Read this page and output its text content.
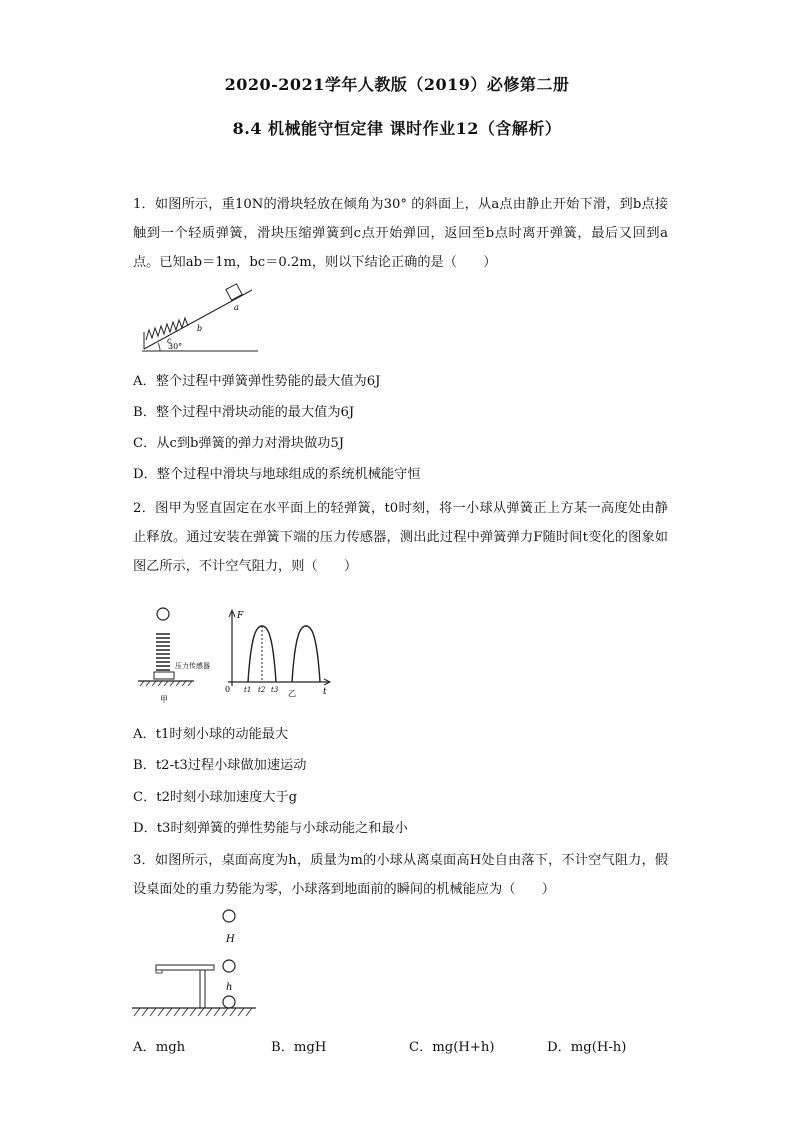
2020-2021学年人教版（2019）必修第二册
8.4 机械能守恒定律 课时作业12（含解析）
1．如图所示，重10N的滑块轻放在倾角为30° 的斜面上，从a点由静止开始下滑，到b点接触到一个轻质弹簧，滑块压缩弹簧到c点开始弹回，返回至b点时离开弹簧，最后又回到a点。已知ab＝1m，bc＝0.2m，则以下结论正确的是（　　）
c
b
a
30°
A．整个过程中弹簧弹性势能的最大值为6J
B．整个过程中滑块动能的最大值为6J
C．从c到b弹簧的弹力对滑块做功5J
D．整个过程中滑块与地球组成的系统机械能守恒
2．图甲为竖直固定在水平面上的轻弹簧，t0时刻，将一小球从弹簧正上方某一高度处由静止释放。通过安装在弹簧下端的压力传感器，测出此过程中弹簧弹力F随时间t变化的图象如图乙所示，不计空气阻力，则（　　）
压力传感器
甲
F
t
0 t1 t2 t3 乙
A．t1时刻小球的动能最大
B．t2-t3过程小球做加速运动
C．t2时刻小球加速度大于g
D．t3时刻弹簧的弹性势能与小球动能之和最小
3．如图所示，桌面高度为h，质量为m的小球从离桌面高H处自由落下，不计空气阻力，假设桌面处的重力势能为零，小球落到地面前的瞬间的机械能应为（　　）
H
h
A．mgh	B．mgH	C．mg(H+h)	D．mg(H-h)
